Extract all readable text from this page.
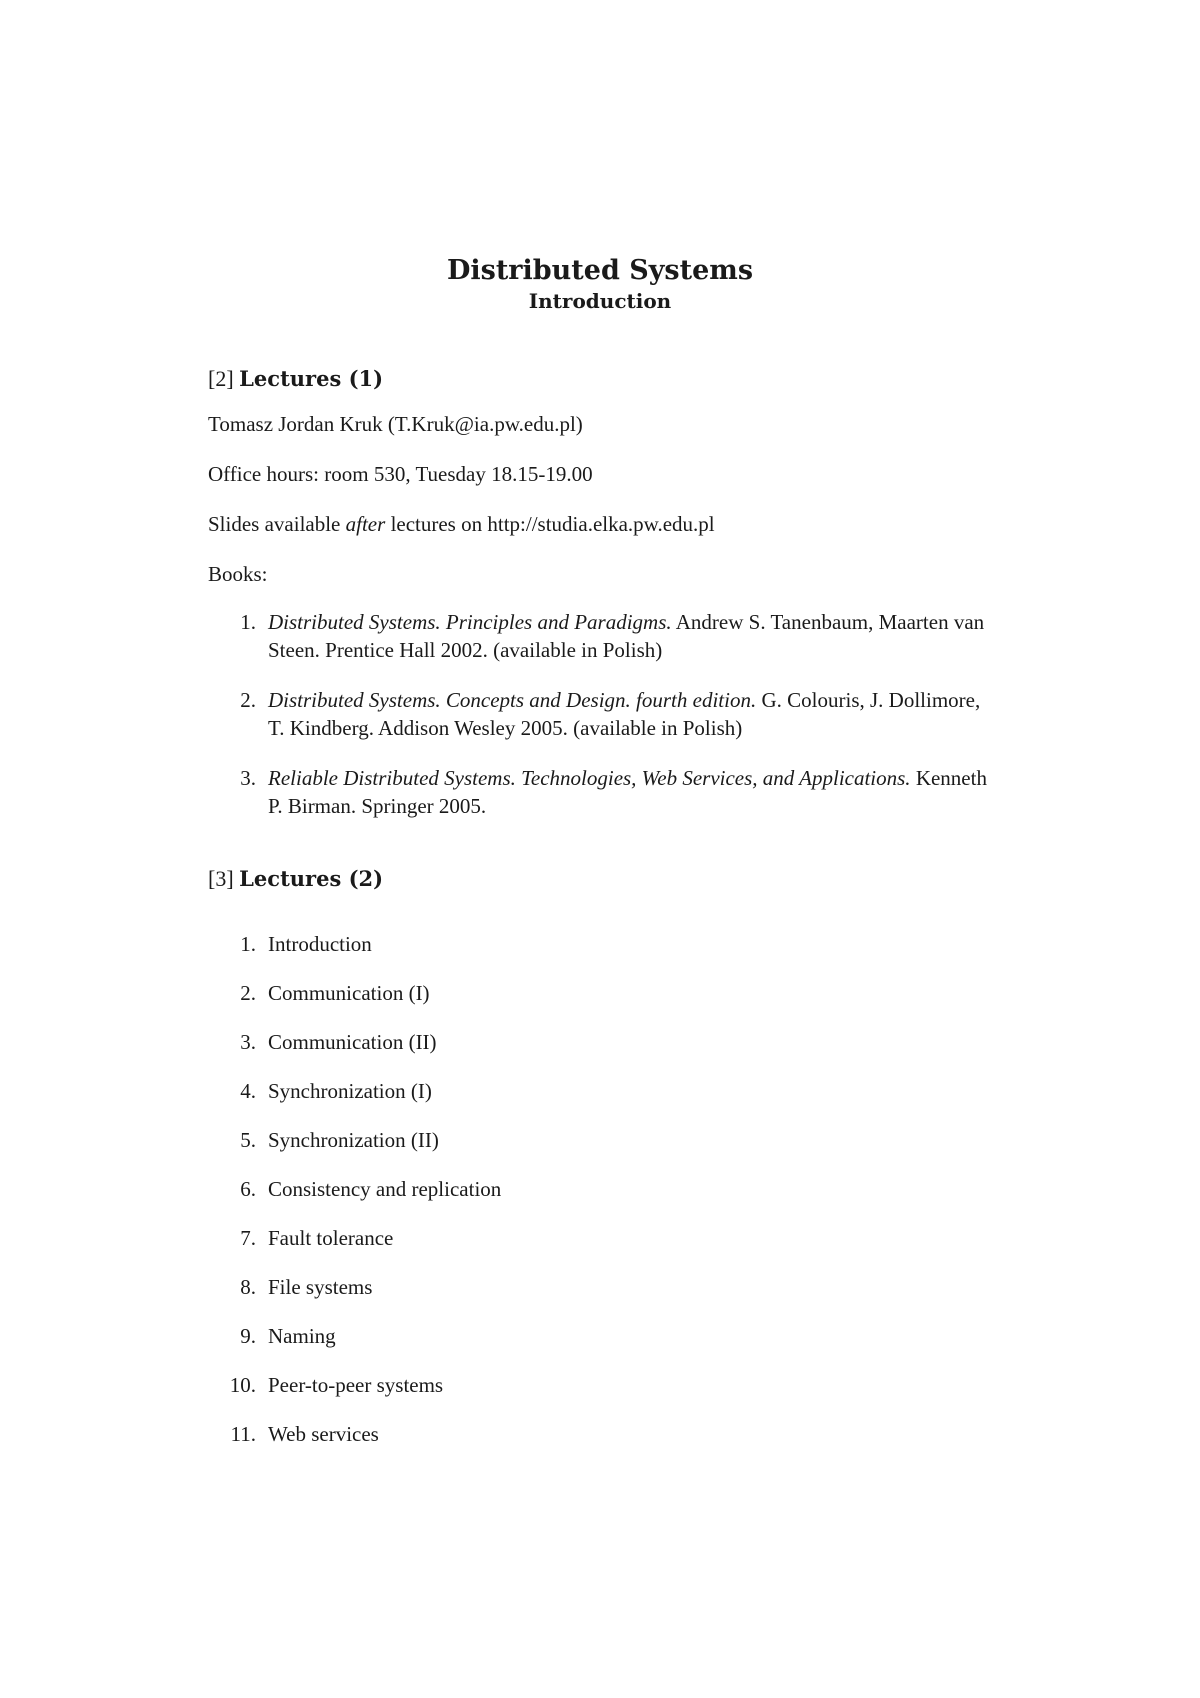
Distributed Systems
Introduction
[2] Lectures (1)

Tomasz Jordan Kruk (T.Kruk@ia.pw.edu.pl)

Office hours: room 530, Tuesday 18.15-19.00

Slides available after lectures on http://studia.elka.pw.edu.pl

Books:

1. Distributed Systems. Principles and Paradigms. Andrew S. Tanenbaum, Maarten van Steen. Prentice Hall 2002. (available in Polish)
2. Distributed Systems. Concepts and Design. fourth edition. G. Colouris, J. Dollimore, T. Kindberg. Addison Wesley 2005. (available in Polish)
3. Reliable Distributed Systems. Technologies, Web Services, and Applications. Kenneth P. Birman. Springer 2005.
[3] Lectures (2)
1. Introduction
2. Communication (I)
3. Communication (II)
4. Synchronization (I)
5. Synchronization (II)
6. Consistency and replication
7. Fault tolerance
8. File systems
9. Naming
10. Peer-to-peer systems
11. Web services
